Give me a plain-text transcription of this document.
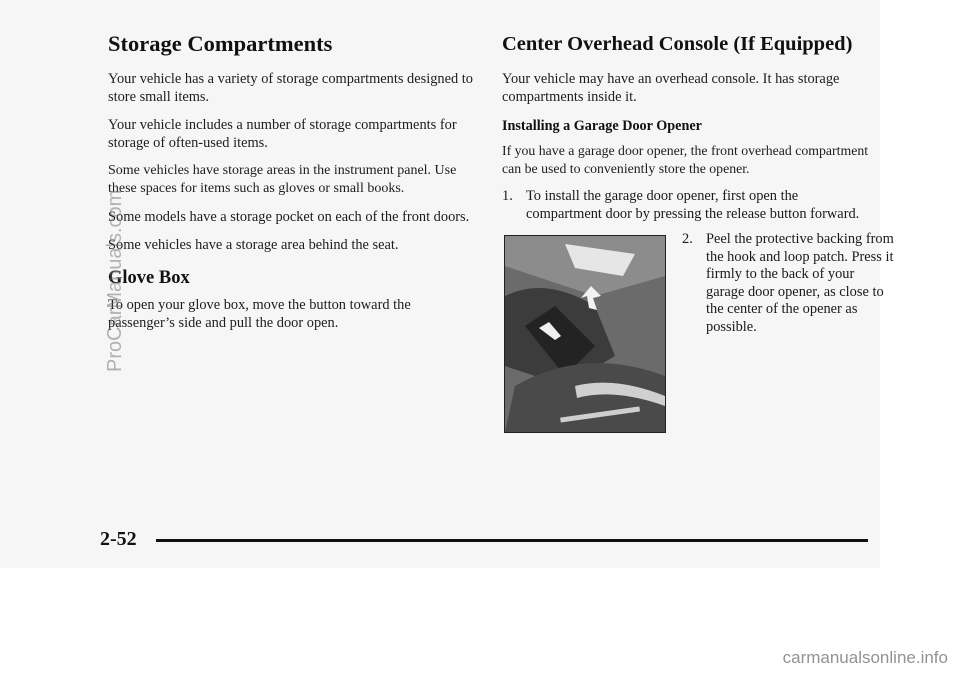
Storage Compartments

Your vehicle has a variety of storage compartments designed to store small items.

Your vehicle includes a number of storage compartments for storage of often-used items.

Some vehicles have storage areas in the instrument panel. Use these spaces for items such as gloves or small books.

Some models have a storage pocket on each of the front doors.

Some vehicles have a storage area behind the seat.

Glove Box

To open your glove box, move the button toward the passenger’s side and pull the door open.

Center Overhead Console (If Equipped)

Your vehicle may have an overhead console. It has storage compartments inside it.

Installing a Garage Door Opener

If you have a garage door opener, the front overhead compartment can be used to conveniently store the opener.

1. To install the garage door opener, first open the compartment door by pressing the release button forward.
2. Peel the protective backing from the hook and loop patch. Press it firmly to the back of your garage door opener, as close to the center of the opener as possible.
2-52
ProCarManuals.com
carmanualsonline.info
